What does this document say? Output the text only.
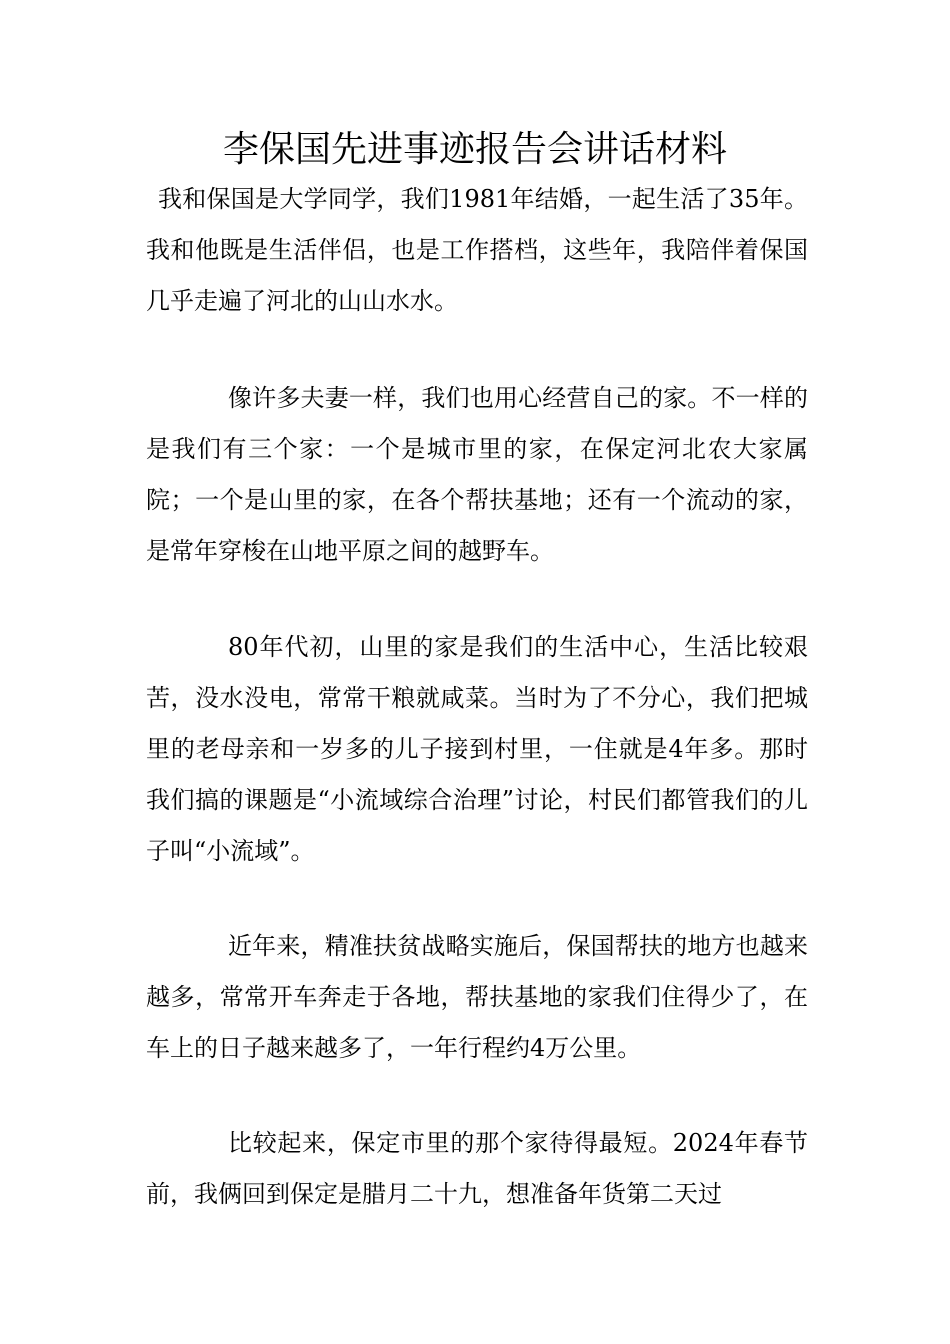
李保国先进事迹报告会讲话材料

我和保国是大学同学，我们1981年结婚，一起生活了35年。我和他既是生活伴侣，也是工作搭档，这些年，我陪伴着保国几乎走遍了河北的山山水水。

像许多夫妻一样，我们也用心经营自己的家。不一样的是我们有三个家：一个是城市里的家，在保定河北农大家属院；一个是山里的家，在各个帮扶基地；还有一个流动的家，是常年穿梭在山地平原之间的越野车。

80年代初，山里的家是我们的生活中心，生活比较艰苦，没水没电，常常干粮就咸菜。当时为了不分心，我们把城里的老母亲和一岁多的儿子接到村里，一住就是4年多。那时我们搞的课题是“小流域综合治理”讨论，村民们都管我们的儿子叫“小流域”。

近年来，精准扶贫战略实施后，保国帮扶的地方也越来越多，常常开车奔走于各地，帮扶基地的家我们住得少了，在车上的日子越来越多了，一年行程约4万公里。

比较起来，保定市里的那个家待得最短。2024年春节前，我俩回到保定是腊月二十九，想准备年货第二天过
